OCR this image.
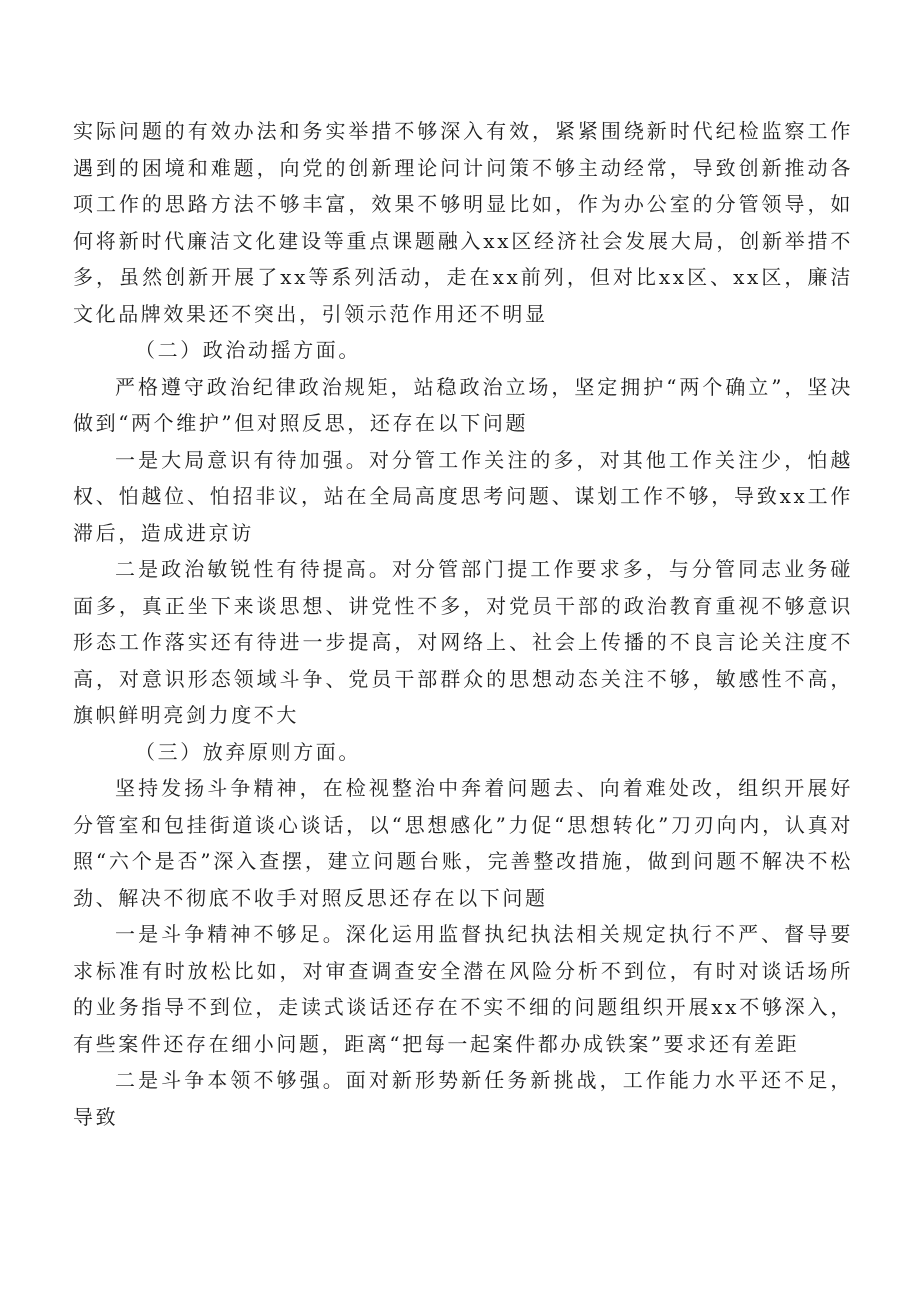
实际问题的有效办法和务实举措不够深入有效，紧紧围绕新时代纪检监察工作遇到的困境和难题，向党的创新理论问计问策不够主动经常，导致创新推动各项工作的思路方法不够丰富，效果不够明显比如，作为办公室的分管领导，如何将新时代廉洁文化建设等重点课题融入xx区经济社会发展大局，创新举措不多，虽然创新开展了xx等系列活动，走在xx前列，但对比xx区、xx区，廉洁文化品牌效果还不突出，引领示范作用还不明显

（二）政治动摇方面。

严格遵守政治纪律政治规矩，站稳政治立场，坚定拥护“两个确立”，坚决做到“两个维护”但对照反思，还存在以下问题

一是大局意识有待加强。对分管工作关注的多，对其他工作关注少，怕越权、怕越位、怕招非议，站在全局高度思考问题、谋划工作不够，导致xx工作滞后，造成进京访

二是政治敏锐性有待提高。对分管部门提工作要求多，与分管同志业务碰面多，真正坐下来谈思想、讲党性不多，对党员干部的政治教育重视不够意识形态工作落实还有待进一步提高，对网络上、社会上传播的不良言论关注度不高，对意识形态领域斗争、党员干部群众的思想动态关注不够，敏感性不高，旗帜鲜明亮剑力度不大

（三）放弃原则方面。

坚持发扬斗争精神，在检视整治中奔着问题去、向着难处改，组织开展好分管室和包挂街道谈心谈话，以“思想感化”力促“思想转化”刀刃向内，认真对照“六个是否”深入查摆，建立问题台账，完善整改措施，做到问题不解决不松劲、解决不彻底不收手对照反思还存在以下问题

一是斗争精神不够足。深化运用监督执纪执法相关规定执行不严、督导要求标准有时放松比如，对审查调查安全潜在风险分析不到位，有时对谈话场所的业务指导不到位，走读式谈话还存在不实不细的问题组织开展xx不够深入，有些案件还存在细小问题，距离“把每一起案件都办成铁案”要求还有差距

二是斗争本领不够强。面对新形势新任务新挑战，工作能力水平还不足，导致
